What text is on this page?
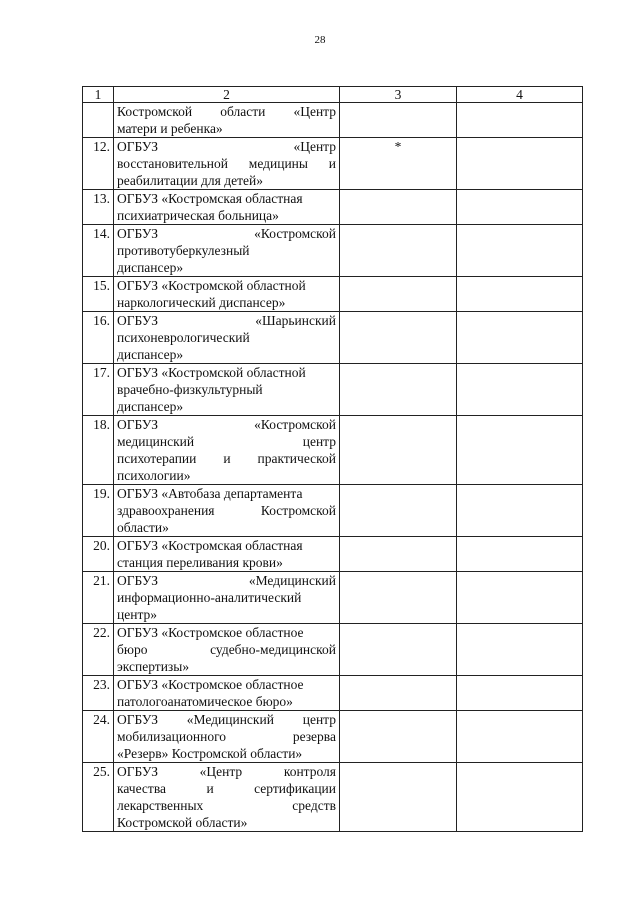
28
1	2	3	4

	Костромской области «Центр
матери и ребенка»		

12.	ОГБУЗ «Центр
восстановительной медицины и
реабилитации для детей»	*	
13.	ОГБУЗ «Костромская областная
психиатрическая больница»		

14.	ОГБУЗ «Костромской
противотуберкулезный
диспансер»		

15.	ОГБУЗ «Костромской областной
наркологический диспансер»		

16.	ОГБУЗ «Шарьинский
психоневрологический
диспансер»		

17.	ОГБУЗ «Костромской областной
врачебно-физкультурный
диспансер»		

18.	ОГБУЗ «Костромской
медицинский центр
психотерапии и практической
психологии»		

19.	ОГБУЗ «Автобаза департамента
здравоохранения Костромской
области»		

20.	ОГБУЗ «Костромская областная
станция переливания крови»		

21.	ОГБУЗ «Медицинский
информационно-аналитический
центр»		

22.	ОГБУЗ «Костромское областное
бюро судебно-медицинской
экспертизы»		

23.	ОГБУЗ «Костромское областное
патологоанатомическое бюро»		

24.	ОГБУЗ «Медицинский центр
мобилизационного резерва
«Резерв» Костромской области»		

25.	ОГБУЗ «Центр контроля
качества и сертификации
лекарственных средств
Костромской области»		
